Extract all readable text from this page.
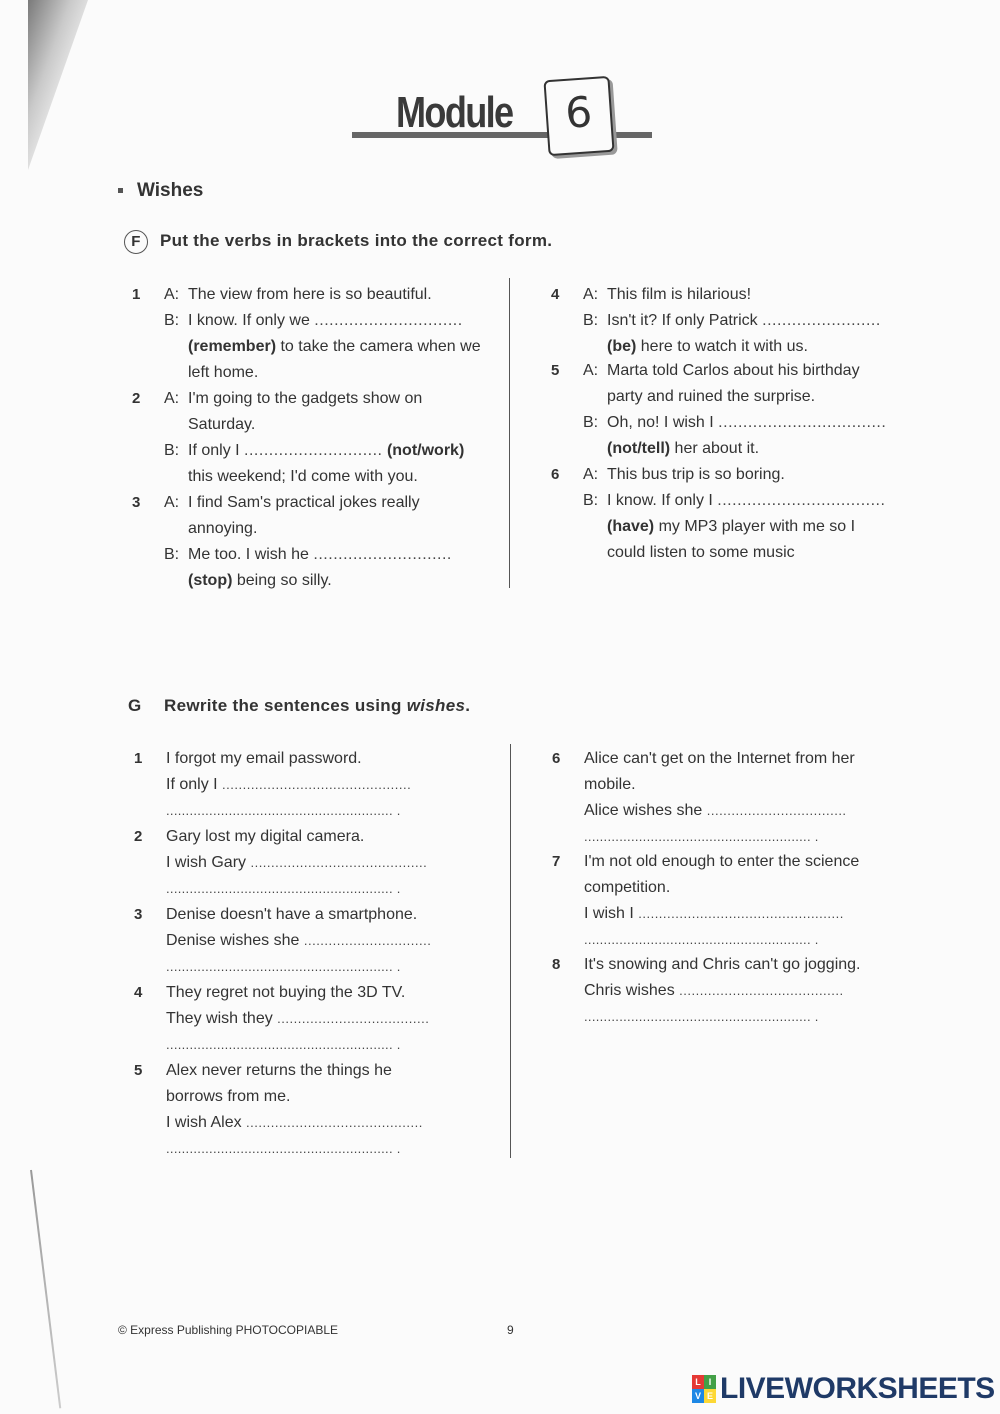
Module	6
Wishes
F Put the verbs in brackets into the correct form.
1 A: The view from here is so beautiful.
B: I know. If only we ..............................
(remember) to take the camera when we left home.
2 A: I'm going to the gadgets show on Saturday.
B: If only I ............................ (not/work)
this weekend; I'd come with you.
3 A: I find Sam's practical jokes really annoying.
B: Me too. I wish he ............................
(stop) being so silly.
4 A: This film is hilarious!
B: Isn't it? If only Patrick ........................
(be) here to watch it with us.
5 A: Marta told Carlos about his birthday party and ruined the surprise.
B: Oh, no! I wish I ..................................
(not/tell) her about it.
6 A: This bus trip is so boring.
B: I know. If only I ..................................
(have) my MP3 player with me so I could listen to some music
G Rewrite the sentences using wishes.
1 I forgot my email password.
If only I ..............................................
.......................................................... .
2 Gary lost my digital camera.
I wish Gary ...........................................
.......................................................... .
3 Denise doesn't have a smartphone.
Denise wishes she ...............................
.......................................................... .
4 They regret not buying the 3D TV.
They wish they .....................................
.......................................................... .
5 Alex never returns the things he borrows from me.
I wish Alex ...........................................
.......................................................... .
6 Alice can't get on the Internet from her mobile.
Alice wishes she ..................................
.......................................................... .
7 I'm not old enough to enter the science competition.
I wish I ..................................................
.......................................................... .
8 It's snowing and Chris can't go jogging.
Chris wishes ........................................
.......................................................... .
© Express Publishing PHOTOCOPIABLE	9
L I
V E LIVEWORKSHEETS
